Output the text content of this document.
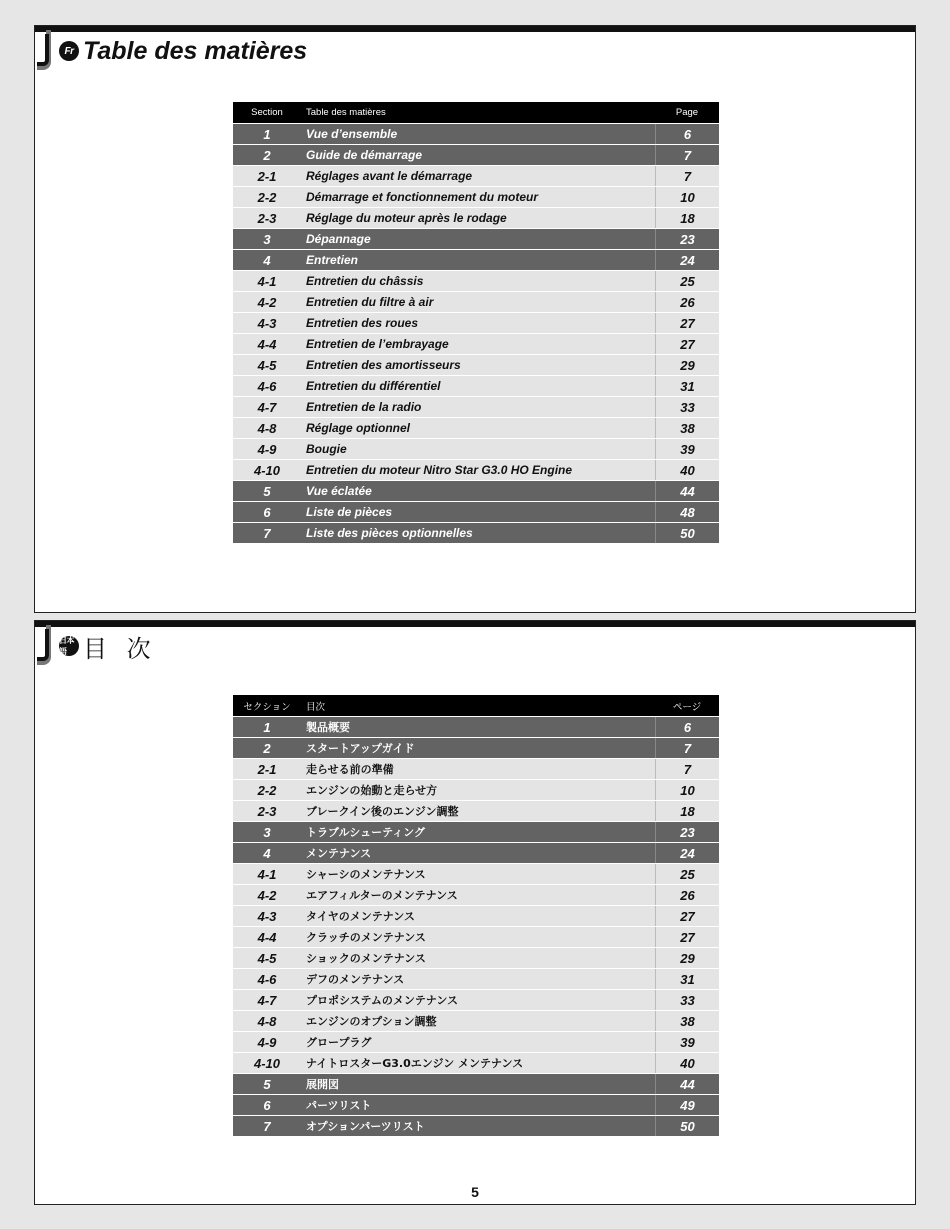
Fr Table des matières
Section	Table des matières	Page
1	Vue d’ensemble	6
2	Guide de démarrage	7
2-1	Réglages avant le démarrage	7
2-2	Démarrage et fonctionnement du moteur	10
2-3	Réglage du moteur après le rodage	18
3	Dépannage	23
4	Entretien	24
4-1	Entretien du châssis	25
4-2	Entretien du filtre à air	26
4-3	Entretien des roues	27
4-4	Entretien de l’embrayage	27
4-5	Entretien des amortisseurs	29
4-6	Entretien du différentiel	31
4-7	Entretien de la radio	33
4-8	Réglage optionnel	38
4-9	Bougie	39
4-10	Entretien du moteur Nitro Star G3.0 HO Engine	40
5	Vue éclatée	44
6	Liste de pièces	48
7	Liste des pièces optionnelles	50
日本語 目 次
セクション	目次	ページ
1	製品概要	6
2	スタートアップガイド	7
2-1	走らせる前の準備	7
2-2	エンジンの始動と走らせ方	10
2-3	ブレークイン後のエンジン調整	18
3	トラブルシューティング	23
4	メンテナンス	24
4-1	シャーシのメンテナンス	25
4-2	エアフィルターのメンテナンス	26
4-3	タイヤのメンテナンス	27
4-4	クラッチのメンテナンス	27
4-5	ショックのメンテナンス	29
4-6	デフのメンテナンス	31
4-7	プロポシステムのメンテナンス	33
4-8	エンジンのオプション調整	38
4-9	グロープラグ	39
4-10	ナイトロスターG3.0エンジン メンテナンス	40
5	展開図	44
6	パーツリスト	49
7	オプションパーツリスト	50
5
